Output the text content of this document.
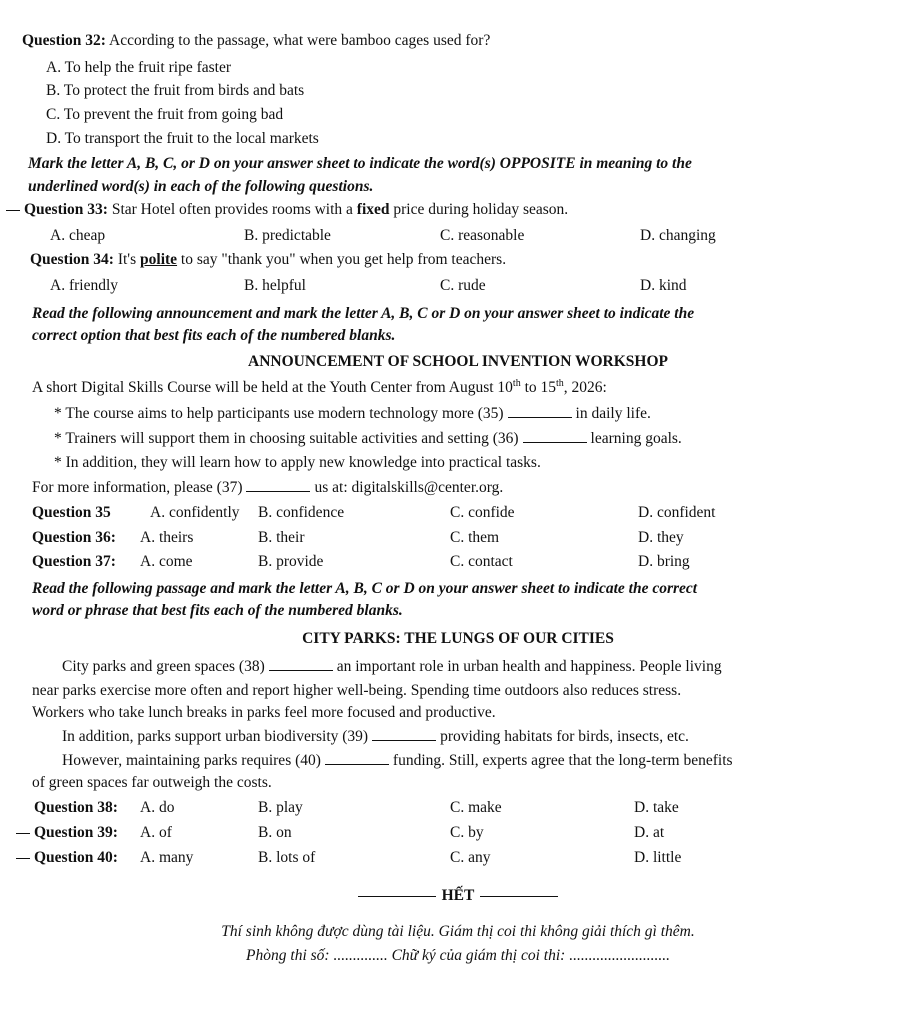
Question 32: According to the passage, what were bamboo cages used for?
A. To help the fruit ripe faster
B. To protect the fruit from birds and bats
C. To prevent the fruit from going bad
D. To transport the fruit to the local markets
Mark the letter A, B, C, or D on your answer sheet to indicate the word(s) OPPOSITE in meaning to the
underlined word(s) in each of the following questions.
Question 33: Star Hotel often provides rooms with a fixed price during holiday season.
A. cheap	B. predictable	C. reasonable	D. changing
Question 34: It's polite to say "thank you" when you get help from teachers.
A. friendly	B. helpful	C. rude	D. kind
Read the following announcement and mark the letter A, B, C or D on your answer sheet to indicate the
correct option that best fits each of the numbered blanks.
ANNOUNCEMENT OF SCHOOL INVENTION WORKSHOP
A short Digital Skills Course will be held at the Youth Center from August 10th to 15th, 2026:
* The course aims to help participants use modern technology more (35)	in daily life.
* Trainers will support them in choosing suitable activities and setting (36)	learning goals.
* In addition, they will learn how to apply new knowledge into practical tasks.
For more information, please (37)	us at: digitalskills@center.org.
Question 35	A. confidently B. confidence	C. confide	D. confident
Question 36: A. theirs	B. their	C. them	D. they
Question 37: A. come	B. provide	C. contact	D. bring
Read the following passage and mark the letter A, B, C or D on your answer sheet to indicate the correct
word or phrase that best fits each of the numbered blanks.
CITY PARKS: THE LUNGS OF OUR CITIES
City parks and green spaces (38)	an important role in urban health and happiness. People living
near parks exercise more often and report higher well-being. Spending time outdoors also reduces stress.
Workers who take lunch breaks in parks feel more focused and productive.
In addition, parks support urban biodiversity (39)	providing habitats for birds, insects, etc.
However, maintaining parks requires (40)	funding. Still, experts agree that the long-term benefits
of green spaces far outweigh the costs.
Question 38: A. do	B. play	C. make	D. take
Question 39: A. of	B. on	C. by	D. at
Question 40: A. many	B. lots of	C. any	D. little
HẾT
Thí sinh không được dùng tài liệu. Giám thị coi thi không giải thích gì thêm.
Phòng thi số: .............. Chữ ký của giám thị coi thi: ..........................
